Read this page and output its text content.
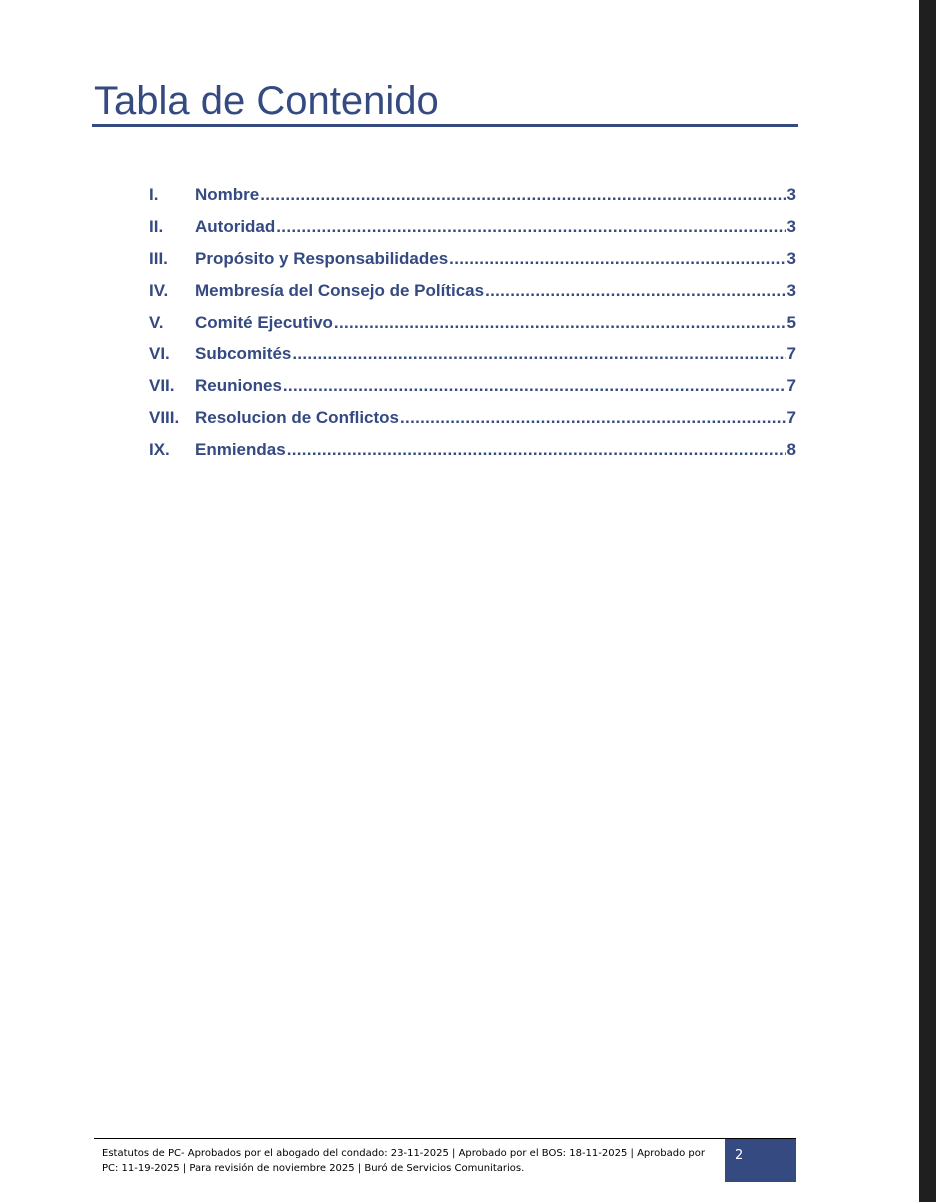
Tabla de Contenido
I.	Nombre .....	3
II.	Autoridad .....	3
III.	Propósito y Responsabilidades .....	3
IV.	Membresía del Consejo de Políticas .....	3
V.	Comité Ejecutivo .....	5
VI.	Subcomités .....	7
VII.	Reuniones .....	7
VIII. Resolucion de Conflictos .....	7
IX.	Enmiendas .....	8

Estatutos de PC- Aprobados por el abogado del condado: 23-11-2025 | Aprobado por el BOS: 18-11-2025 | Aprobado por PC: 11-19-2025 | Para revisión de noviembre 2025 | Buró de Servicios Comunitarios.

2
